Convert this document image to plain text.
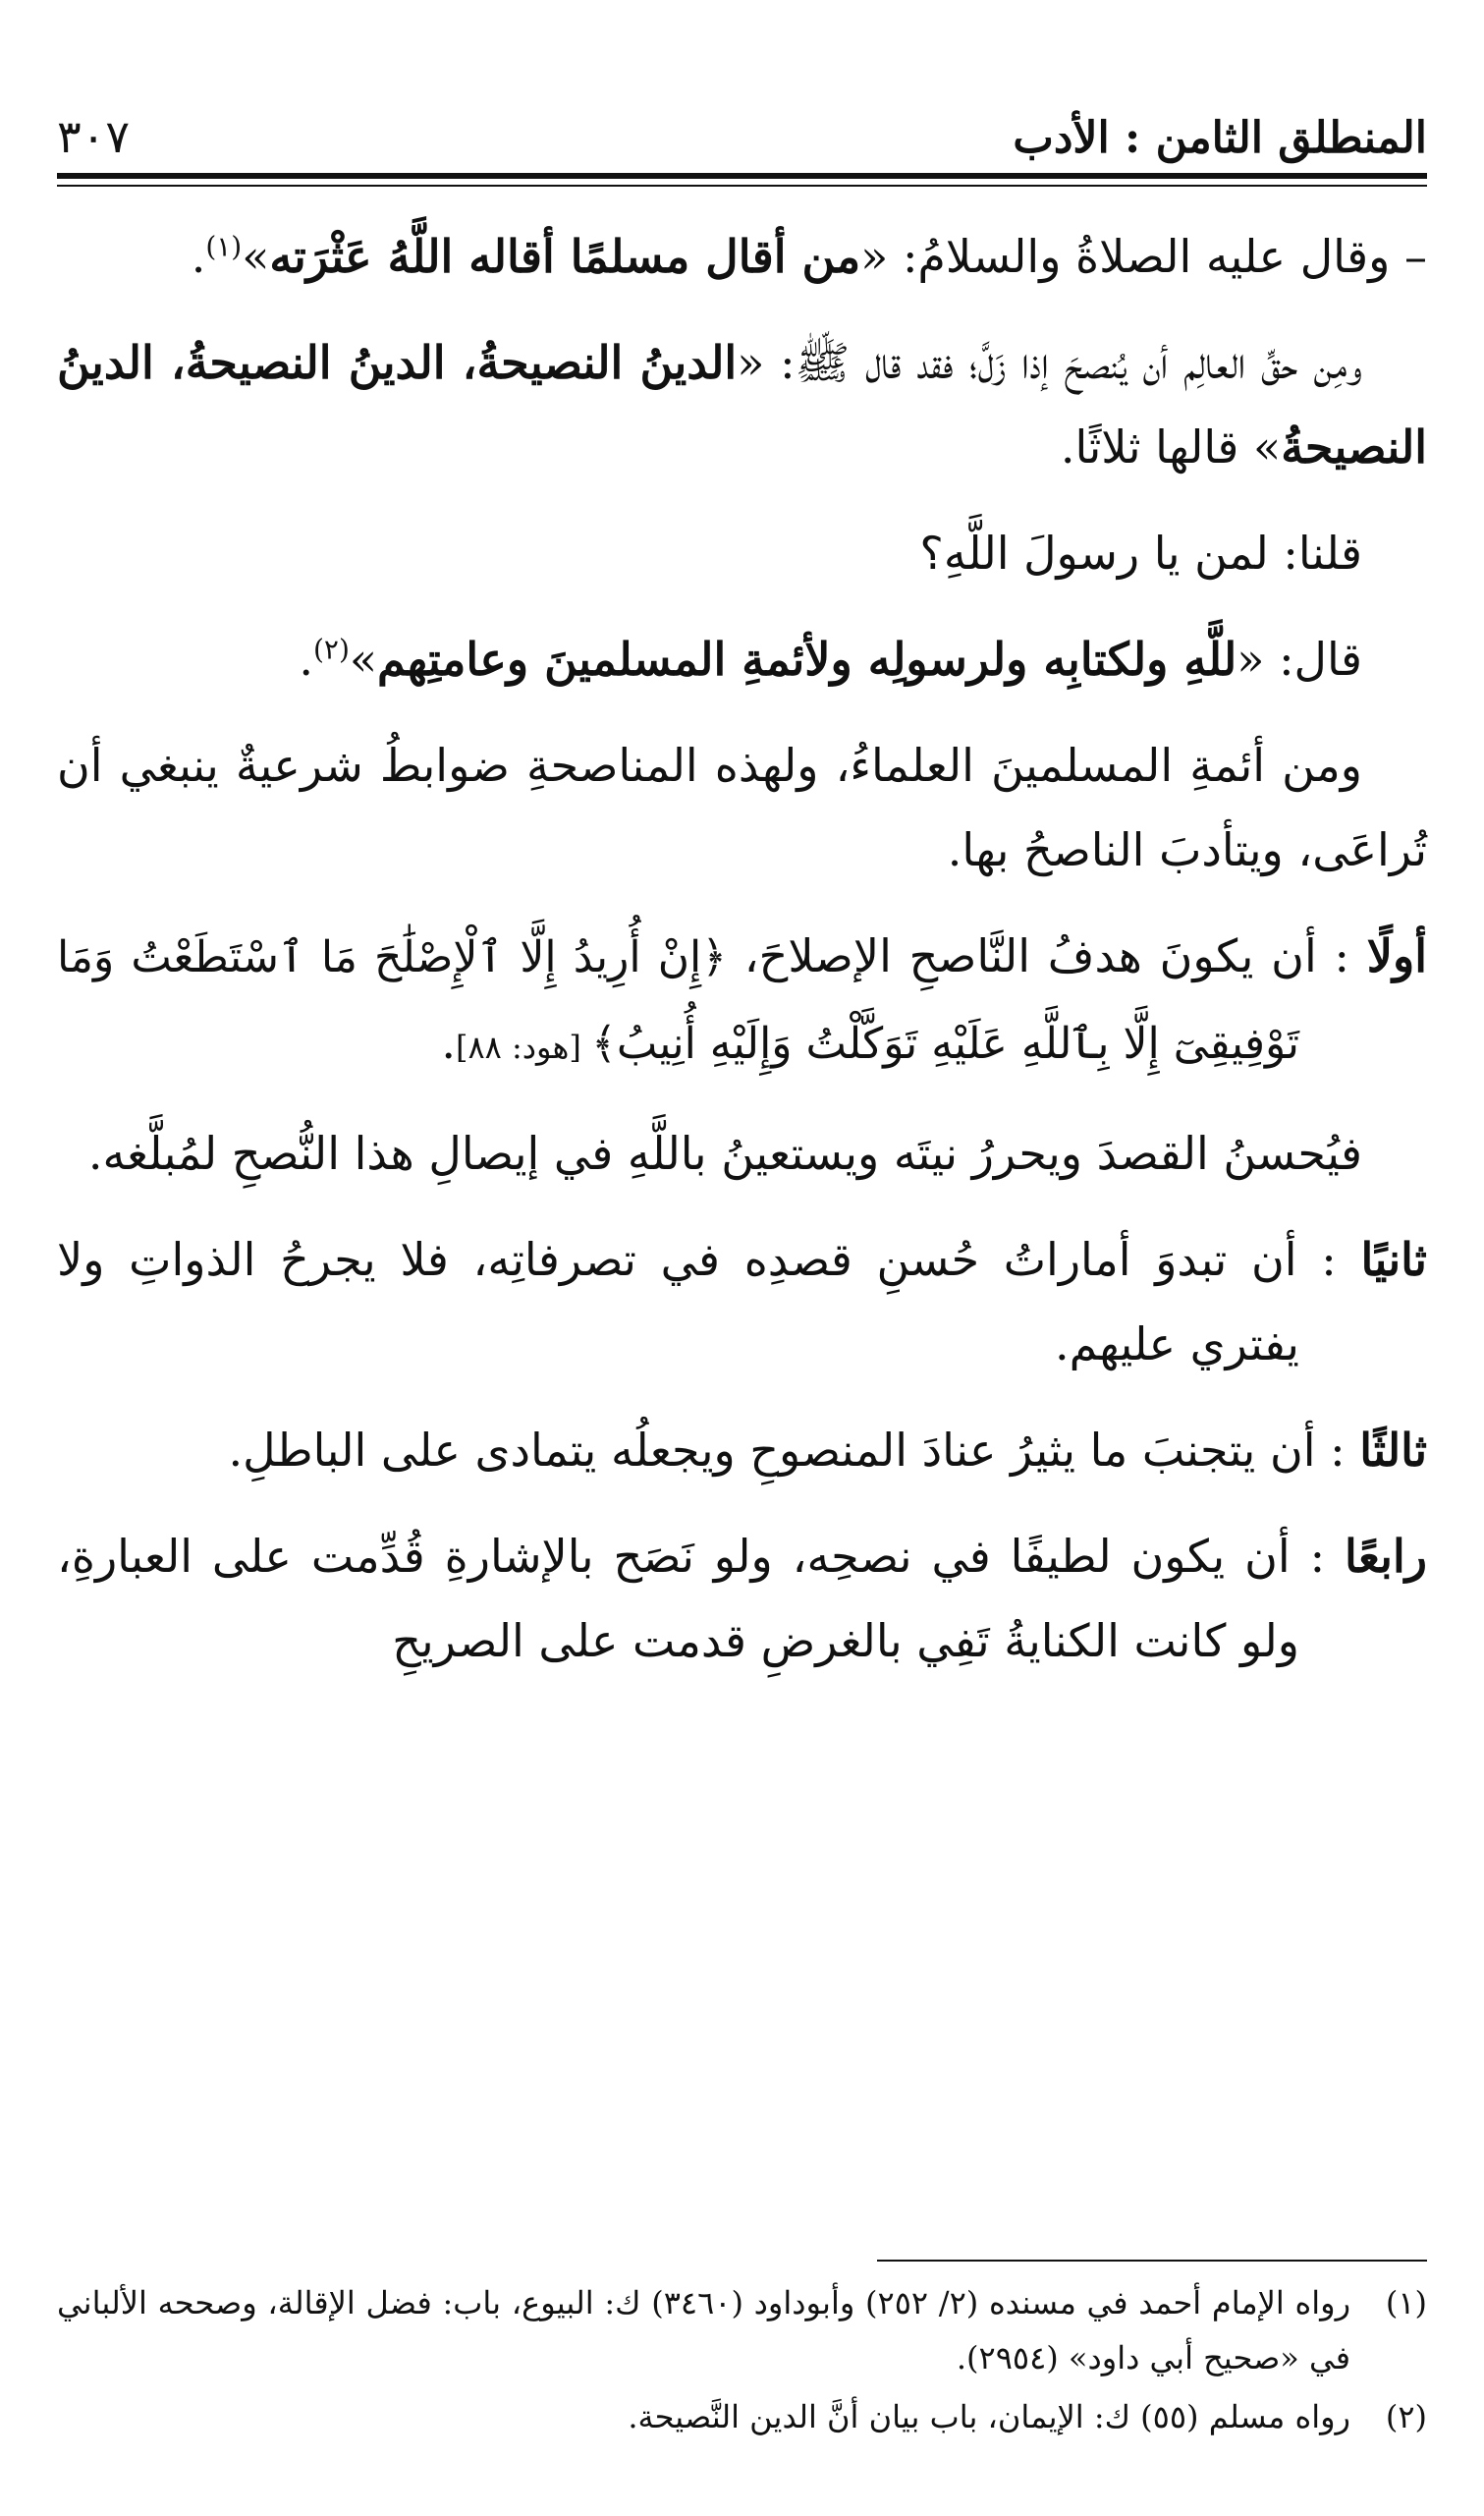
المنطلق الثامن : الأدب
٣٠٧

– وقال عليه الصلاةُ والسلامُ: «من أقال مسلمًا أقاله اللَّهُ عَثْرَته»$^{(١)}$.

ومِن حقِّ العالِم أن يُنصحَ إذا زَلَّ؛ فقد قال ﷺ: «الدينُ النصيحةُ، الدينُ النصيحةُ، الدينُ النصيحةُ» قالها ثلاثًا.

قلنا: لمن يا رسولَ اللَّهِ؟

قال: «للَّهِ ولكتابِه ولرسولِه ولأئمةِ المسلمينَ وعامتِهم»$^{(٢)}$.

ومن أئمةِ المسلمينَ العلماءُ، ولهذه المناصحةِ ضوابطُ شرعيةٌ ينبغي أن تُراعَى، ويتأدبَ الناصحُ بها.

أولًا : أن يكونَ هدفُ النَّاصحِ الإصلاحَ، ﴿إِنْ أُرِيدُ إِلَّا ٱلْإِصْلَٰحَ مَا ٱسْتَطَعْتُ وَمَا تَوْفِيقِىٓ إِلَّا بِٱللَّهِ عَلَيْهِ تَوَكَّلْتُ وَإِلَيْهِ أُنِيبُ﴾ [هود: ٨٨].

فيُحسنُ القصدَ ويحررُ نيتَه ويستعينُ باللَّهِ في إيصالِ هذا النُّصحِ لمُبلَّغه.

ثانيًا : أن تبدوَ أماراتُ حُسنِ قصدِه في تصرفاتِه، فلا يجرحُ الذواتِ ولا يفتري عليهم.

ثالثًا : أن يتجنبَ ما يثيرُ عنادَ المنصوحِ ويجعلُه يتمادى على الباطلِ.

رابعًا : أن يكون لطيفًا في نصحِه، ولو نَصَح بالإشارةِ قُدِّمت على العبارةِ، ولو كانت الكنايةُ تَفِي بالغرضِ قدمت على الصريحِ

(١)رواه الإمام أحمد في مسنده (٢/ ٢٥٢) وأبوداود (٣٤٦٠) ك: البيوع، باب: فضل الإقالة، وصححه الألباني في «صحيح أبي داود» (٢٩٥٤).

(٢)رواه مسلم (٥٥) ك: الإيمان، باب بيان أنَّ الدين النَّصيحة.
